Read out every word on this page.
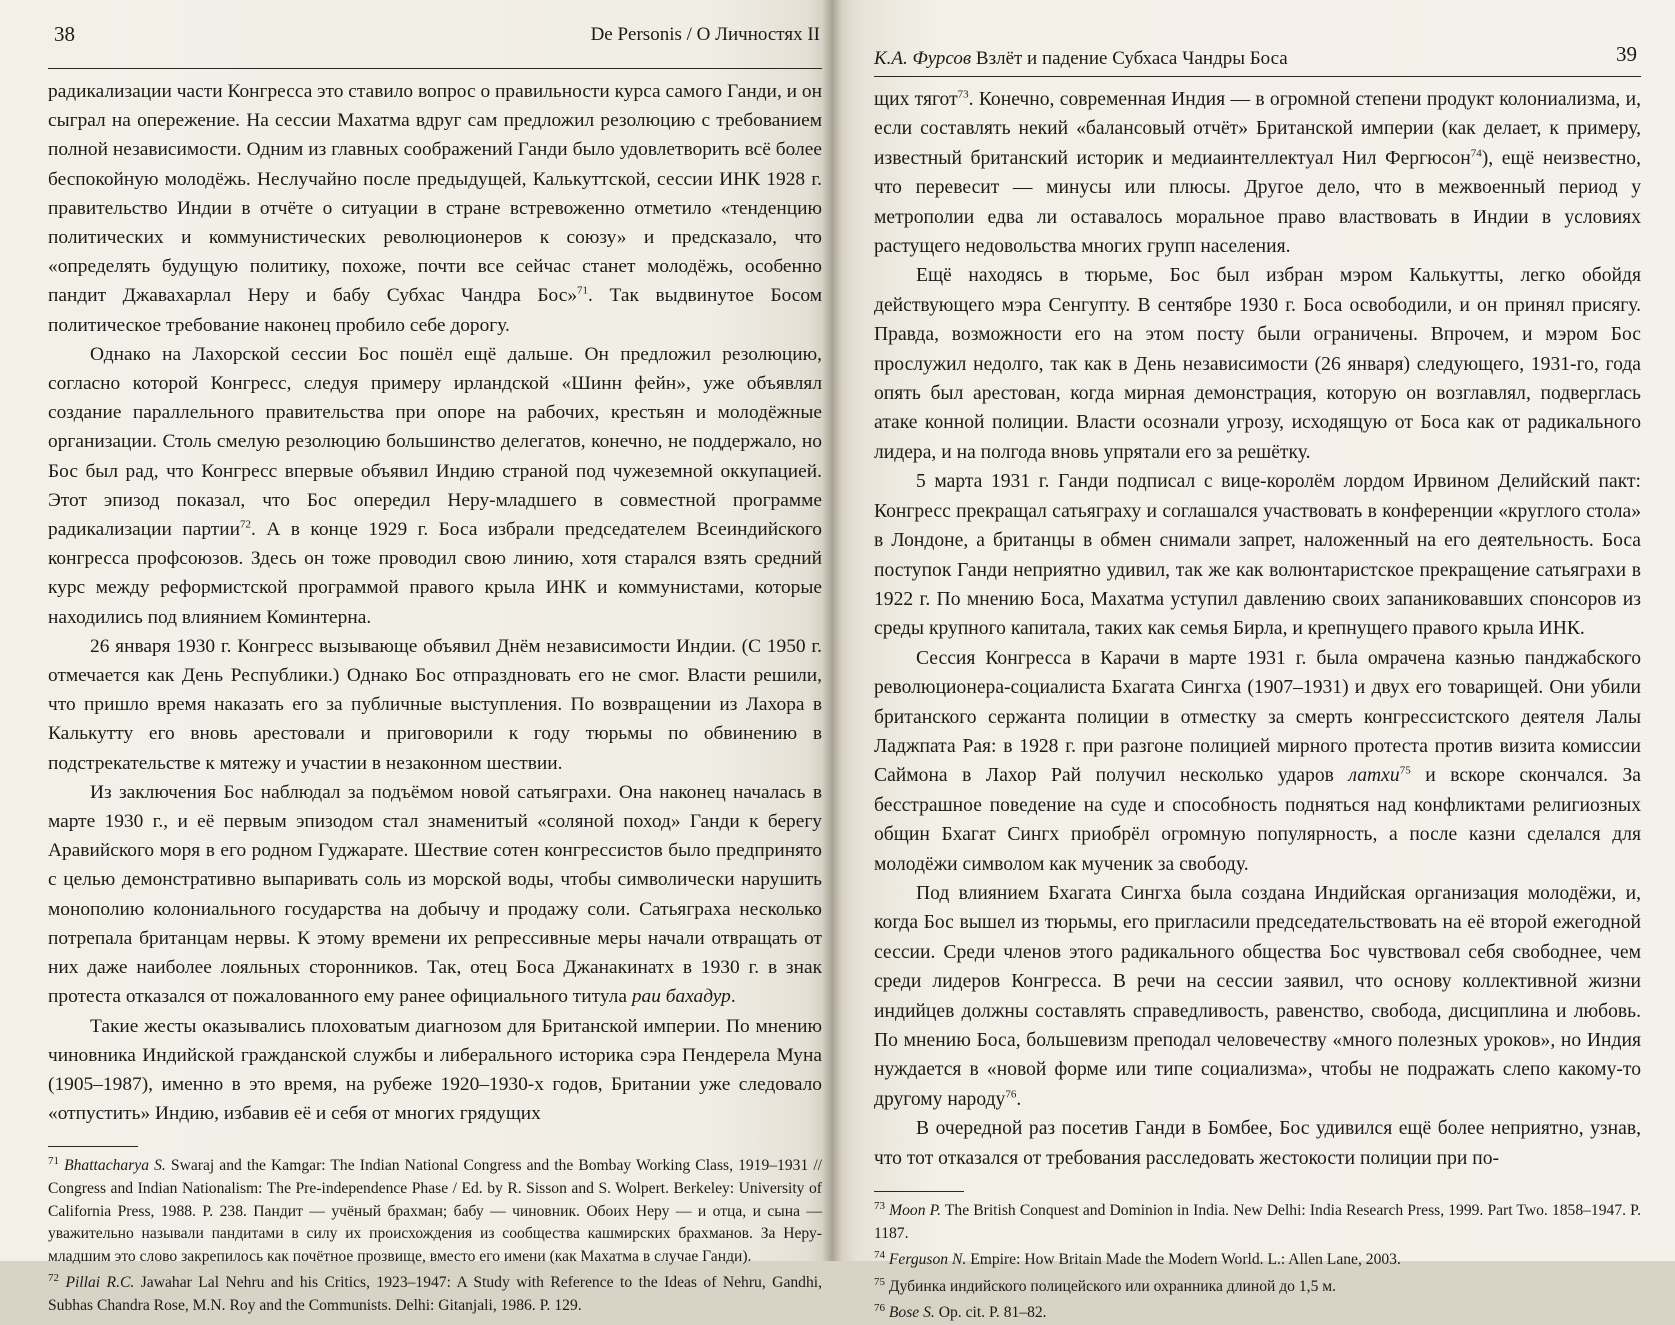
38	De Personis / О Личностях II

радикализации части Конгресса это ставило вопрос о правильности курса самого Ганди, и он сыграл на опережение. На сессии Махатма вдруг сам предложил резолюцию с требованием полной независимости. Одним из главных соображений Ганди было удовлетворить всё более беспокойную молодёжь. Неслучайно после предыдущей, Калькуттской, сессии ИНК 1928 г. правительство Индии в отчёте о ситуации в стране встревоженно отметило «тенденцию политических и коммунистических революционеров к союзу» и предсказало, что «определять будущую политику, похоже, почти все сейчас станет молодёжь, особенно пандит Джавахарлал Неру и бабу Субхас Чандра Бос»$^{71}$. Так выдвинутое Босом политическое требование наконец пробило себе дорогу.

Однако на Лахорской сессии Бос пошёл ещё дальше. Он предложил резолюцию, согласно которой Конгресс, следуя примеру ирландской «Шинн фейн», уже объявлял создание параллельного правительства при опоре на рабочих, крестьян и молодёжные организации. Столь смелую резолюцию большинство делегатов, конечно, не поддержало, но Бос был рад, что Конгресс впервые объявил Индию страной под чужеземной оккупацией. Этот эпизод показал, что Бос опередил Неру-младшего в совместной программе радикализации партии$^{72}$. А в конце 1929 г. Боса избрали председателем Всеиндийского конгресса профсоюзов. Здесь он тоже проводил свою линию, хотя старался взять средний курс между реформистской программой правого крыла ИНК и коммунистами, которые находились под влиянием Коминтерна.

26 января 1930 г. Конгресс вызывающе объявил Днём независимости Индии. (С 1950 г. отмечается как День Республики.) Однако Бос отпраздновать его не смог. Власти решили, что пришло время наказать его за публичные выступления. По возвращении из Лахора в Калькутту его вновь арестовали и приговорили к году тюрьмы по обвинению в подстрекательстве к мятежу и участии в незаконном шествии.

Из заключения Бос наблюдал за подъёмом новой сатьяграхи. Она наконец началась в марте 1930 г., и её первым эпизодом стал знаменитый «соляной поход» Ганди к берегу Аравийского моря в его родном Гуджарате. Шествие сотен конгрессистов было предпринято с целью демонстративно выпаривать соль из морской воды, чтобы символически нарушить монополию колониального государства на добычу и продажу соли. Сатьяграха несколько потрепала британцам нервы. К этому времени их репрессивные меры начали отвращать от них даже наиболее лояльных сторонников. Так, отец Боса Джанакинатх в 1930 г. в знак протеста отказался от пожалованного ему ранее официального титула раи бахадур.

Такие жесты оказывались плоховатым диагнозом для Британской империи. По мнению чиновника Индийской гражданской службы и либерального историка сэра Пендерела Муна (1905–1987), именно в это время, на рубеже 1920–1930-х годов, Британии уже следовало «отпустить» Индию, избавив её и себя от многих грядущих

$^{71}$ Bhattacharya S. Swaraj and the Kamgar: The Indian National Congress and the Bombay Working Class, 1919–1931 // Congress and Indian Nationalism: The Pre-independence Phase / Ed. by R. Sisson and S. Wolpert. Berkeley: University of California Press, 1988. P. 238. Пандит — учёный брахман; бабу — чиновник. Обоих Неру — и отца, и сына — уважительно называли пандитами в силу их происхождения из сообщества кашмирских брахманов. За Неру-младшим это слово закрепилось как почётное прозвище, вместо его имени (как Махатма в случае Ганди).

$^{72}$ Pillai R.C. Jawahar Lal Nehru and his Critics, 1923–1947: A Study with Reference to the Ideas of Nehru, Gandhi, Subhas Chandra Rose, M.N. Roy and the Communists. Delhi: Gitanjali, 1986. P. 129.

К.А. Фурсов Взлёт и падение Субхаса Чандры Боса	39

щих тягот$^{73}$. Конечно, современная Индия — в огромной степени продукт колониализма, и, если составлять некий «балансовый отчёт» Британской империи (как делает, к примеру, известный британский историк и медиаинтеллектуал Нил Фергюсон$^{74}$), ещё неизвестно, что перевесит — минусы или плюсы. Другое дело, что в межвоенный период у метрополии едва ли оставалось моральное право властвовать в Индии в условиях растущего недовольства многих групп населения.

Ещё находясь в тюрьме, Бос был избран мэром Калькутты, легко обойдя действующего мэра Сенгупту. В сентябре 1930 г. Боса освободили, и он принял присягу. Правда, возможности его на этом посту были ограничены. Впрочем, и мэром Бос прослужил недолго, так как в День независимости (26 января) следующего, 1931-го, года опять был арестован, когда мирная демонстрация, которую он возглавлял, подверглась атаке конной полиции. Власти осознали угрозу, исходящую от Боса как от радикального лидера, и на полгода вновь упрятали его за решётку.

5 марта 1931 г. Ганди подписал с вице-королём лордом Ирвином Делийский пакт: Конгресс прекращал сатьяграху и соглашался участвовать в конференции «круглого стола» в Лондоне, а британцы в обмен снимали запрет, наложенный на его деятельность. Боса поступок Ганди неприятно удивил, так же как волюнтаристское прекращение сатьяграхи в 1922 г. По мнению Боса, Махатма уступил давлению своих запаниковавших спонсоров из среды крупного капитала, таких как семья Бирла, и крепнущего правого крыла ИНК.

Сессия Конгресса в Карачи в марте 1931 г. была омрачена казнью панджабского революционера-социалиста Бхагата Сингха (1907–1931) и двух его товарищей. Они убили британского сержанта полиции в отместку за смерть конгрессистского деятеля Лалы Ладжпата Рая: в 1928 г. при разгоне полицией мирного протеста против визита комиссии Саймона в Лахор Рай получил несколько ударов латхи$^{75}$ и вскоре скончался. За бесстрашное поведение на суде и способность подняться над конфликтами религиозных общин Бхагат Сингх приобрёл огромную популярность, а после казни сделался для молодёжи символом как мученик за свободу.

Под влиянием Бхагата Сингха была создана Индийская организация молодёжи, и, когда Бос вышел из тюрьмы, его пригласили председательствовать на её второй ежегодной сессии. Среди членов этого радикального общества Бос чувствовал себя свободнее, чем среди лидеров Конгресса. В речи на сессии заявил, что основу коллективной жизни индийцев должны составлять справедливость, равенство, свобода, дисциплина и любовь. По мнению Боса, большевизм преподал человечеству «много полезных уроков», но Индия нуждается в «новой форме или типе социализма», чтобы не подражать слепо какому-то другому народу$^{76}$.

В очередной раз посетив Ганди в Бомбее, Бос удивился ещё более неприятно, узнав, что тот отказался от требования расследовать жестокости полиции при по-

$^{73}$ Moon P. The British Conquest and Dominion in India. New Delhi: India Research Press, 1999. Part Two. 1858–1947. P. 1187.

$^{74}$ Ferguson N. Empire: How Britain Made the Modern World. L.: Allen Lane, 2003.

$^{75}$ Дубинка индийского полицейского или охранника длиной до 1,5 м.

$^{76}$ Bose S. Op. cit. P. 81–82.
